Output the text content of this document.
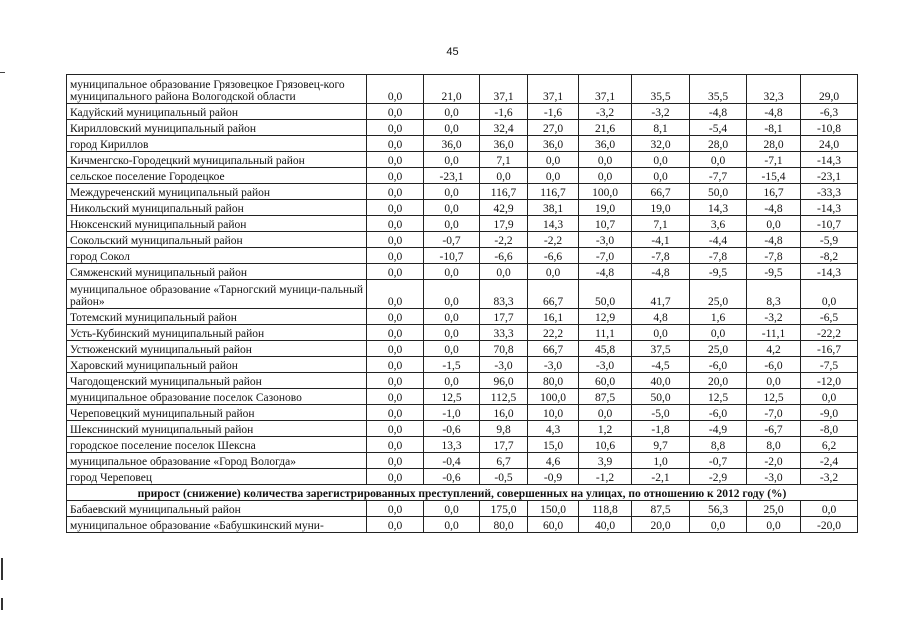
45
муниципальное образование Грязовецкое Грязовец-кого муниципального района Вологодской области	0,0	21,0	37,1	37,1	37,1	35,5	35,5	32,3	29,0
Кадуйский муниципальный район	0,0	0,0	-1,6	-1,6	-3,2	-3,2	-4,8	-4,8	-6,3
Кирилловский муниципальный район	0,0	0,0	32,4	27,0	21,6	8,1	-5,4	-8,1	-10,8
город Кириллов	0,0	36,0	36,0	36,0	36,0	32,0	28,0	28,0	24,0
Кичменгско-Городецкий муниципальный район	0,0	0,0	7,1	0,0	0,0	0,0	0,0	-7,1	-14,3
сельское поселение Городецкое	0,0	-23,1	0,0	0,0	0,0	0,0	-7,7	-15,4	-23,1
Междуреченский муниципальный район	0,0	0,0	116,7	116,7	100,0	66,7	50,0	16,7	-33,3
Никольский муниципальный район	0,0	0,0	42,9	38,1	19,0	19,0	14,3	-4,8	-14,3
Нюксенский муниципальный район	0,0	0,0	17,9	14,3	10,7	7,1	3,6	0,0	-10,7
Сокольский муниципальный район	0,0	-0,7	-2,2	-2,2	-3,0	-4,1	-4,4	-4,8	-5,9
город Сокол	0,0	-10,7	-6,6	-6,6	-7,0	-7,8	-7,8	-7,8	-8,2
Сямженский муниципальный район	0,0	0,0	0,0	0,0	-4,8	-4,8	-9,5	-9,5	-14,3
муниципальное образование «Тарногский муници-пальный район»	0,0	0,0	83,3	66,7	50,0	41,7	25,0	8,3	0,0
Тотемский муниципальный район	0,0	0,0	17,7	16,1	12,9	4,8	1,6	-3,2	-6,5
Усть-Кубинский муниципальный район	0,0	0,0	33,3	22,2	11,1	0,0	0,0	-11,1	-22,2
Устюженский муниципальный район	0,0	0,0	70,8	66,7	45,8	37,5	25,0	4,2	-16,7
Харовский муниципальный район	0,0	-1,5	-3,0	-3,0	-3,0	-4,5	-6,0	-6,0	-7,5
Чагодощенский муниципальный район	0,0	0,0	96,0	80,0	60,0	40,0	20,0	0,0	-12,0
муниципальное образование поселок Сазоново	0,0	12,5	112,5	100,0	87,5	50,0	12,5	12,5	0,0
Череповецкий муниципальный район	0,0	-1,0	16,0	10,0	0,0	-5,0	-6,0	-7,0	-9,0
Шекснинский муниципальный район	0,0	-0,6	9,8	4,3	1,2	-1,8	-4,9	-6,7	-8,0
городское поселение поселок Шексна	0,0	13,3	17,7	15,0	10,6	9,7	8,8	8,0	6,2
муниципальное образование «Город Вологда»	0,0	-0,4	6,7	4,6	3,9	1,0	-0,7	-2,0	-2,4
город Череповец	0,0	-0,6	-0,5	-0,9	-1,2	-2,1	-2,9	-3,0	-3,2
прирост (снижение) количества зарегистрированных преступлений, совершенных на улицах, по отношению к 2012 году (%)									
Бабаевский муниципальный район	0,0	0,0	175,0	150,0	118,8	87,5	56,3	25,0	0,0
муниципальное образование «Бабушкинский муни-	0,0	0,0	80,0	60,0	40,0	20,0	0,0	0,0	-20,0
